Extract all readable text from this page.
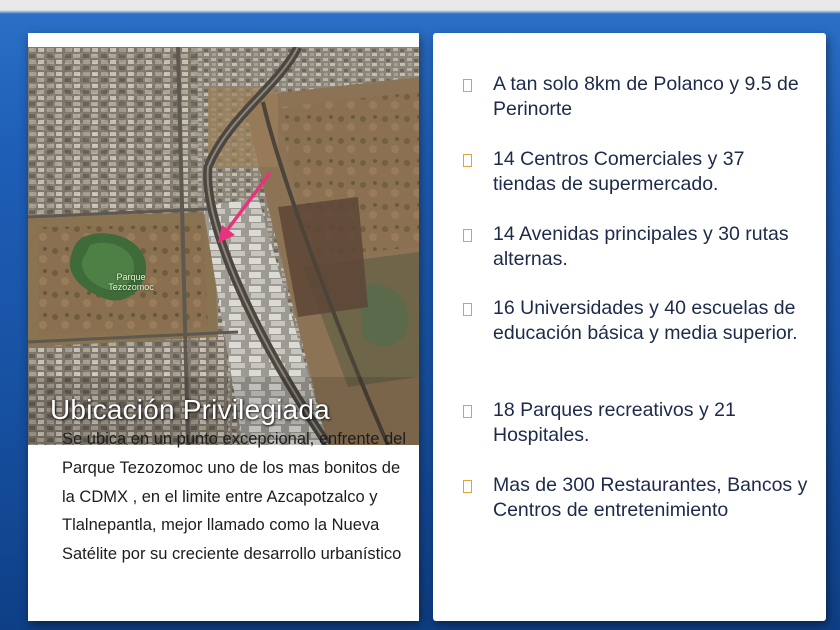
Parque Tezozomoc
Ubicación Privilegiada
Se ubica en un punto excepcional, enfrente del Parque Tezozomoc uno de los mas bonitos de la CDMX , en el limite entre Azcapotzalco y Tlalnepantla, mejor llamado como la Nueva Satélite por su creciente desarrollo urbanístico
A tan solo 8km de Polanco y 9.5 de Perinorte
14 Centros Comerciales y 37 tiendas de supermercado.
14 Avenidas principales y 30 rutas alternas.
16 Universidades y 40 escuelas de educación básica y media superior.
18 Parques recreativos y 21 Hospitales.
Mas de 300 Restaurantes, Bancos y Centros de entretenimiento
